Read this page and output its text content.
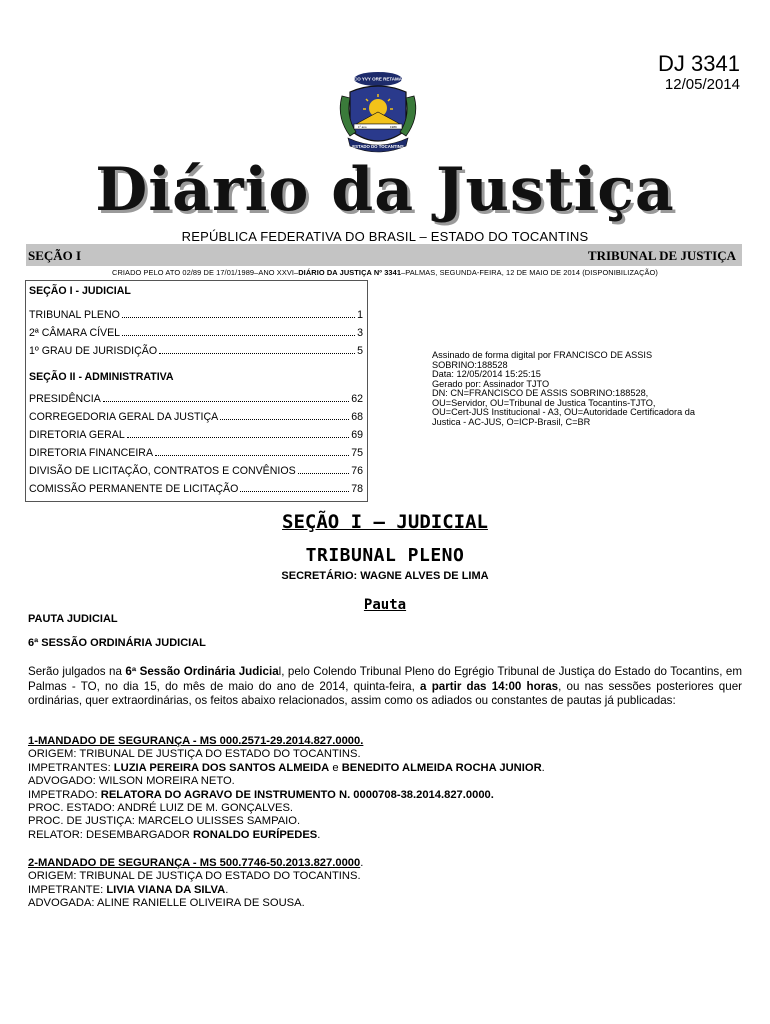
DJ 3341
12/05/2014
CO YVY ORE RETAMA
1º ano	1989
ESTADO DO TOCANTINS
Diário da Justiça
REPÚBLICA FEDERATIVA DO BRASIL – ESTADO DO TOCANTINS
SEÇÃO I	TRIBUNAL DE JUSTIÇA
CRIADO PELO ATO 02/89 DE 17/01/1989–ANO XXVI–DIÁRIO DA JUSTIÇA Nº 3341–PALMAS, SEGUNDA-FEIRA, 12 DE MAIO DE 2014 (DISPONIBILIZAÇÃO)
SEÇÃO I - JUDICIAL
TRIBUNAL PLENO	1
2ª CÂMARA CÍVEL	3
1º GRAU DE JURISDIÇÃO	5
SEÇÃO II - ADMINISTRATIVA
PRESIDÊNCIA	62
CORREGEDORIA GERAL DA JUSTIÇA	68
DIRETORIA GERAL	69
DIRETORIA FINANCEIRA	75
DIVISÃO DE LICITAÇÃO, CONTRATOS E CONVÊNIOS	76
COMISSÃO PERMANENTE DE LICITAÇÃO	78
Assinado de forma digital por FRANCISCO DE ASSIS
SOBRINO:188528
Data: 12/05/2014 15:25:15
Gerado por: Assinador TJTO
DN: CN=FRANCISCO DE ASSIS SOBRINO:188528,
OU=Servidor, OU=Tribunal de Justica Tocantins-TJTO,
OU=Cert-JUS Institucional - A3, OU=Autoridade Certificadora da
Justica - AC-JUS, O=ICP-Brasil, C=BR
SEÇÃO I – JUDICIAL
TRIBUNAL PLENO
SECRETÁRIO: WAGNE ALVES DE LIMA
Pauta
PAUTA JUDICIAL
6ª SESSÃO ORDINÁRIA JUDICIAL
Serão julgados na 6ª Sessão Ordinária Judicial, pelo Colendo Tribunal Pleno do Egrégio Tribunal de Justiça do Estado do Tocantins, em Palmas - TO, no dia 15, do mês de maio do ano de 2014, quinta-feira, a partir das 14:00 horas, ou nas sessões posteriores quer ordinárias, quer extraordinárias, os feitos abaixo relacionados, assim como os adiados ou constantes de pautas já publicadas:
1-MANDADO DE SEGURANÇA - MS 000.2571-29.2014.827.0000.
ORIGEM: TRIBUNAL DE JUSTIÇA DO ESTADO DO TOCANTINS.
IMPETRANTES: LUZIA PEREIRA DOS SANTOS ALMEIDA e BENEDITO ALMEIDA ROCHA JUNIOR.
ADVOGADO: WILSON MOREIRA NETO.
IMPETRADO: RELATORA DO AGRAVO DE INSTRUMENTO N. 0000708-38.2014.827.0000.
PROC. ESTADO: ANDRÉ LUIZ DE M. GONÇALVES.
PROC. DE JUSTIÇA: MARCELO ULISSES SAMPAIO.
RELATOR: DESEMBARGADOR RONALDO EURÍPEDES.
2-MANDADO DE SEGURANÇA - MS 500.7746-50.2013.827.0000.
ORIGEM: TRIBUNAL DE JUSTIÇA DO ESTADO DO TOCANTINS.
IMPETRANTE: LIVIA VIANA DA SILVA.
ADVOGADA: ALINE RANIELLE OLIVEIRA DE SOUSA.
